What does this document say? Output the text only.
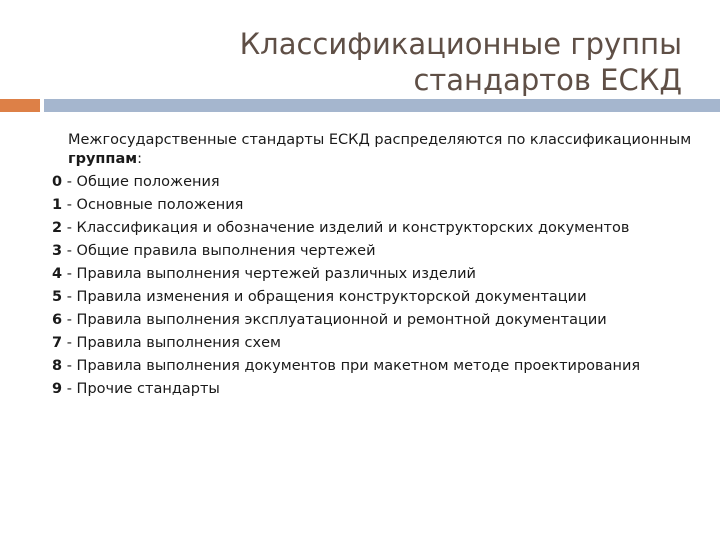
Классификационные группы
стандартов ЕСКД
Межгосударственные стандарты ЕСКД распределяются по классификационным группам:
0 - Общие положения
1 - Основные положения
2 - Классификация и обозначение изделий и конструкторских документов
3 - Общие правила выполнения чертежей
4 - Правила выполнения чертежей различных изделий
5 - Правила изменения и обращения конструкторской документации
6 - Правила выполнения эксплуатационной и ремонтной документации
7 - Правила выполнения схем
8 - Правила выполнения документов при макетном методе проектирования
9 - Прочие стандарты
